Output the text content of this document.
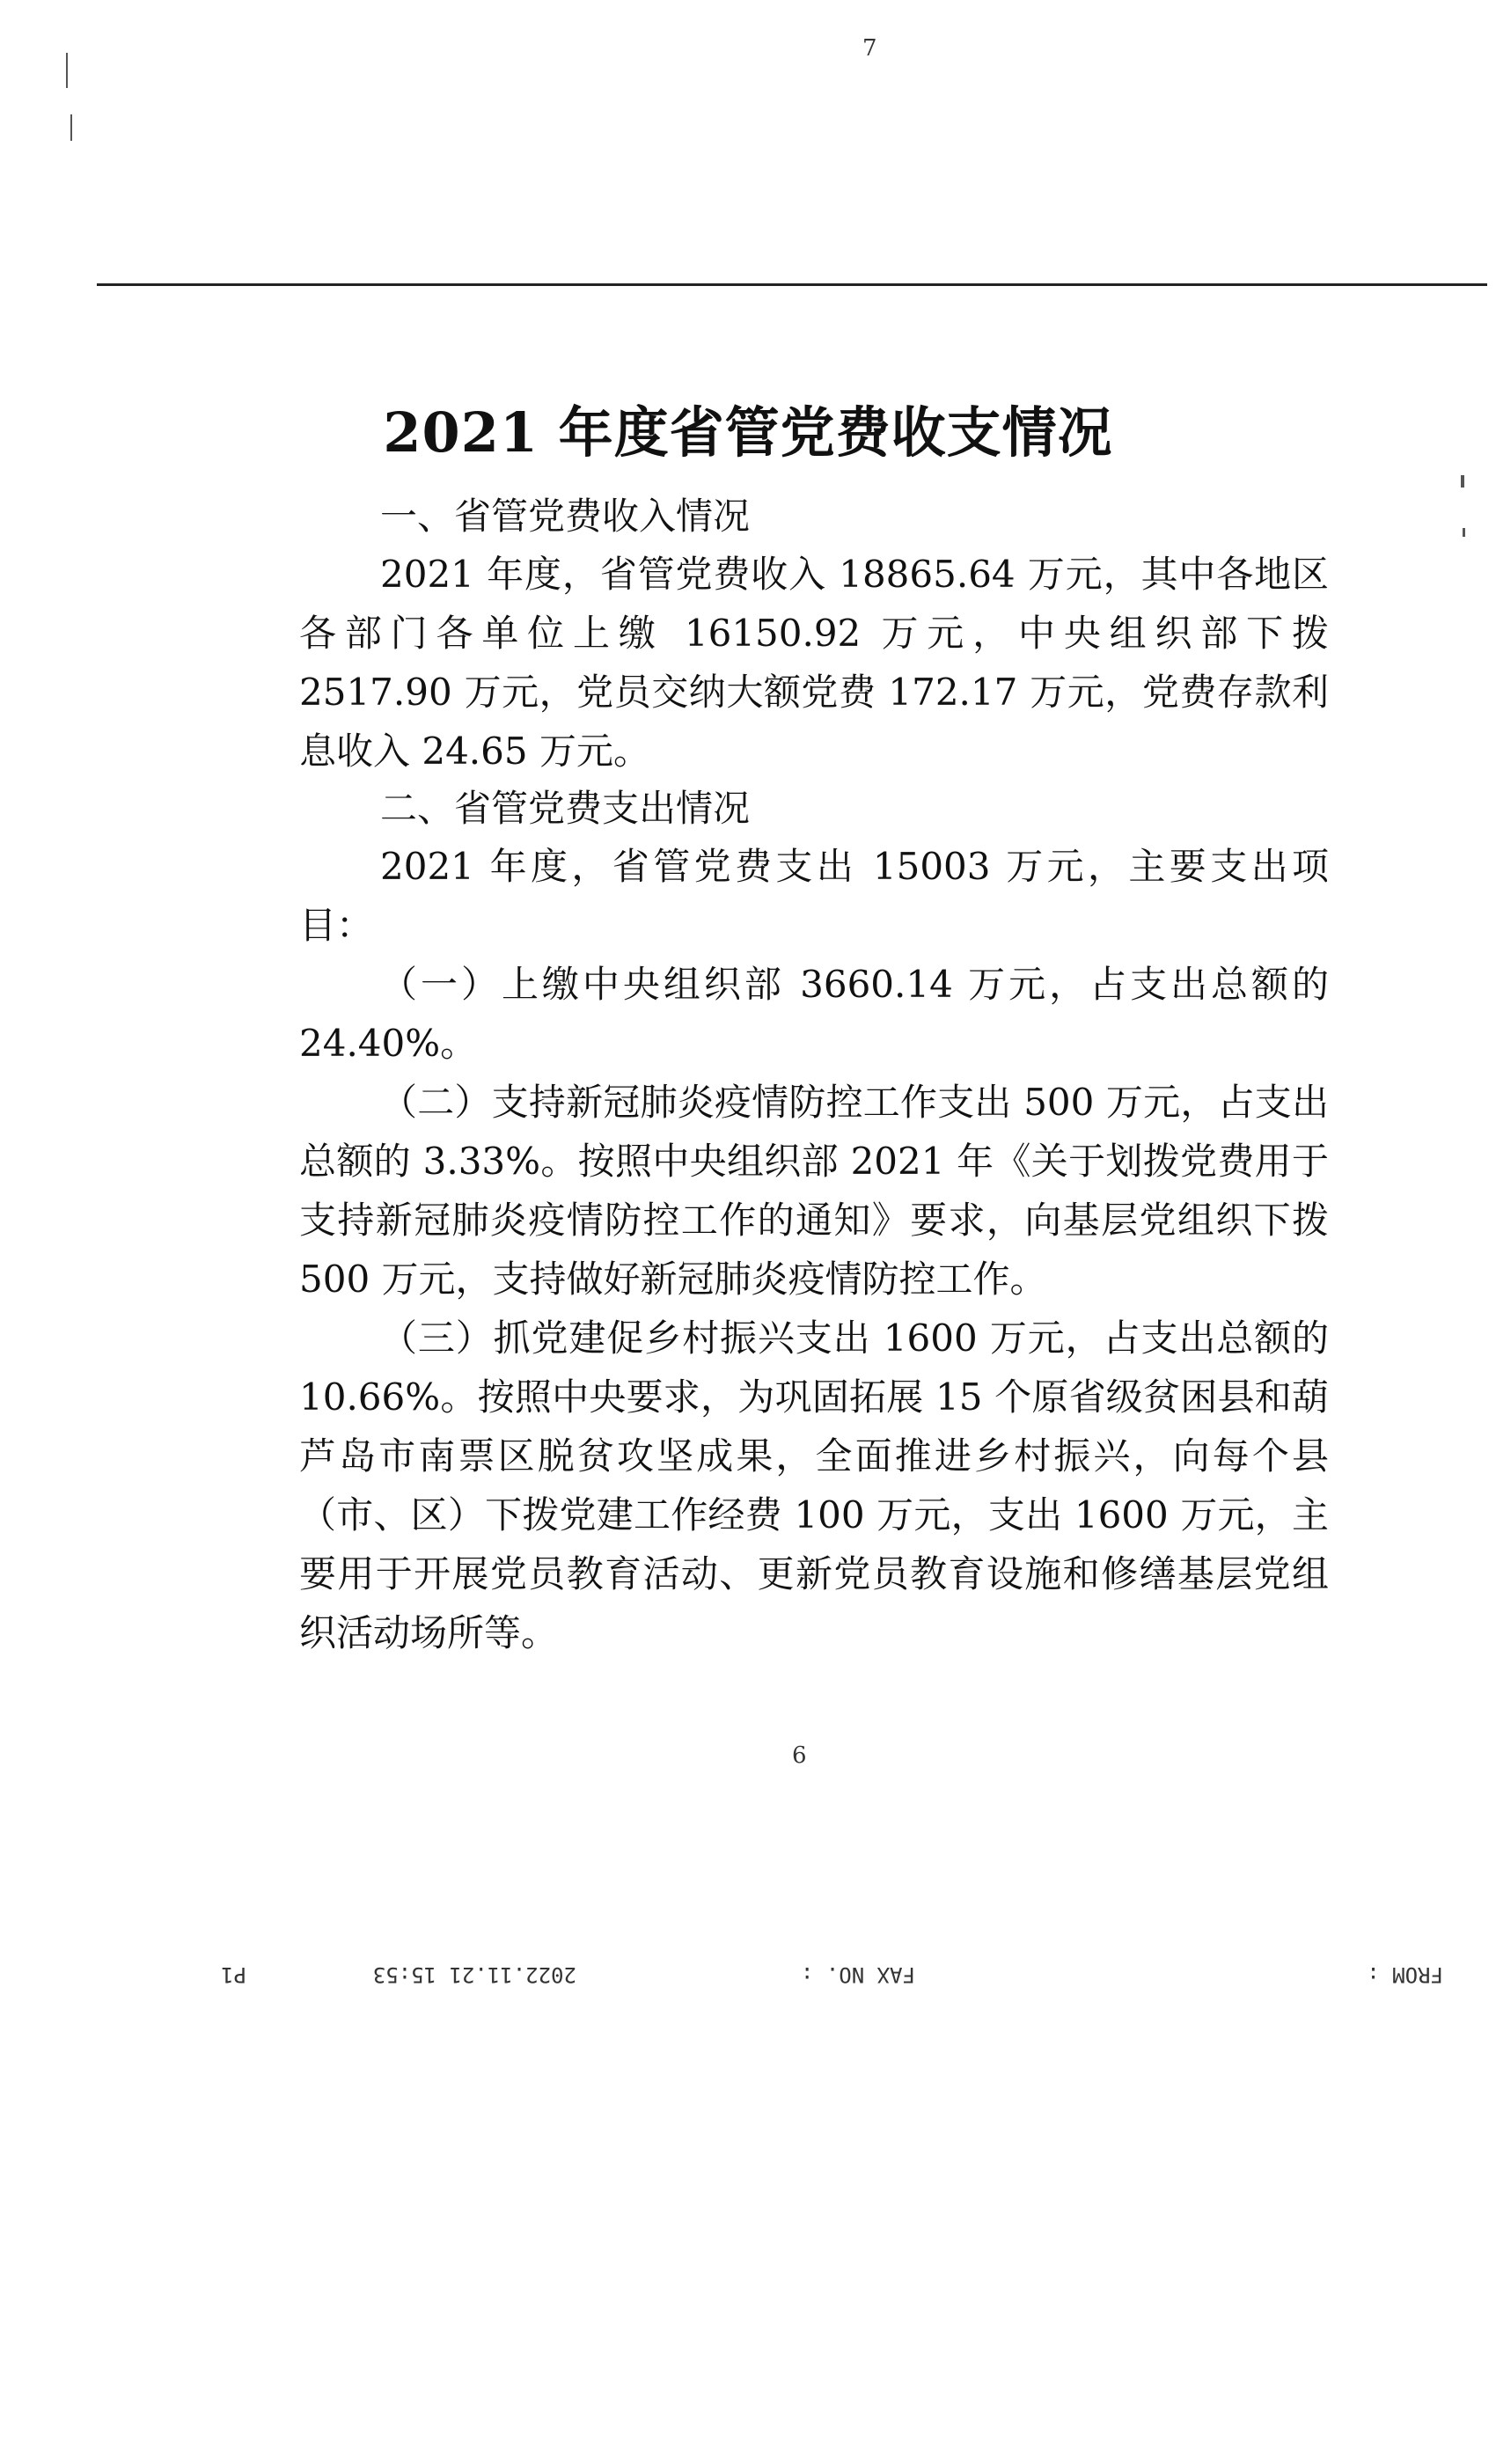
7
2021 年度省管党费收支情况

一、省管党费收入情况

2021 年度，省管党费收入 18865.64 万元，其中各地区各部门各单位上缴 16150.92 万元，中央组织部下拨 2517.90 万元，党员交纳大额党费 172.17 万元，党费存款利息收入 24.65 万元。

二、省管党费支出情况

2021 年度，省管党费支出 15003 万元，主要支出项目：

（一）上缴中央组织部 3660.14 万元，占支出总额的 24.40%。

（二）支持新冠肺炎疫情防控工作支出 500 万元，占支出总额的 3.33%。按照中央组织部 2021 年《关于划拨党费用于支持新冠肺炎疫情防控工作的通知》要求，向基层党组织下拨 500 万元，支持做好新冠肺炎疫情防控工作。

（三）抓党建促乡村振兴支出 1600 万元，占支出总额的 10.66%。按照中央要求，为巩固拓展 15 个原省级贫困县和葫芦岛市南票区脱贫攻坚成果，全面推进乡村振兴，向每个县（市、区）下拨党建工作经费 100 万元，支出 1600 万元，主要用于开展党员教育活动、更新党员教育设施和修缮基层党组织活动场所等。

6
FROM :
FAX NO. :
2022.11.21 15:53
P1
